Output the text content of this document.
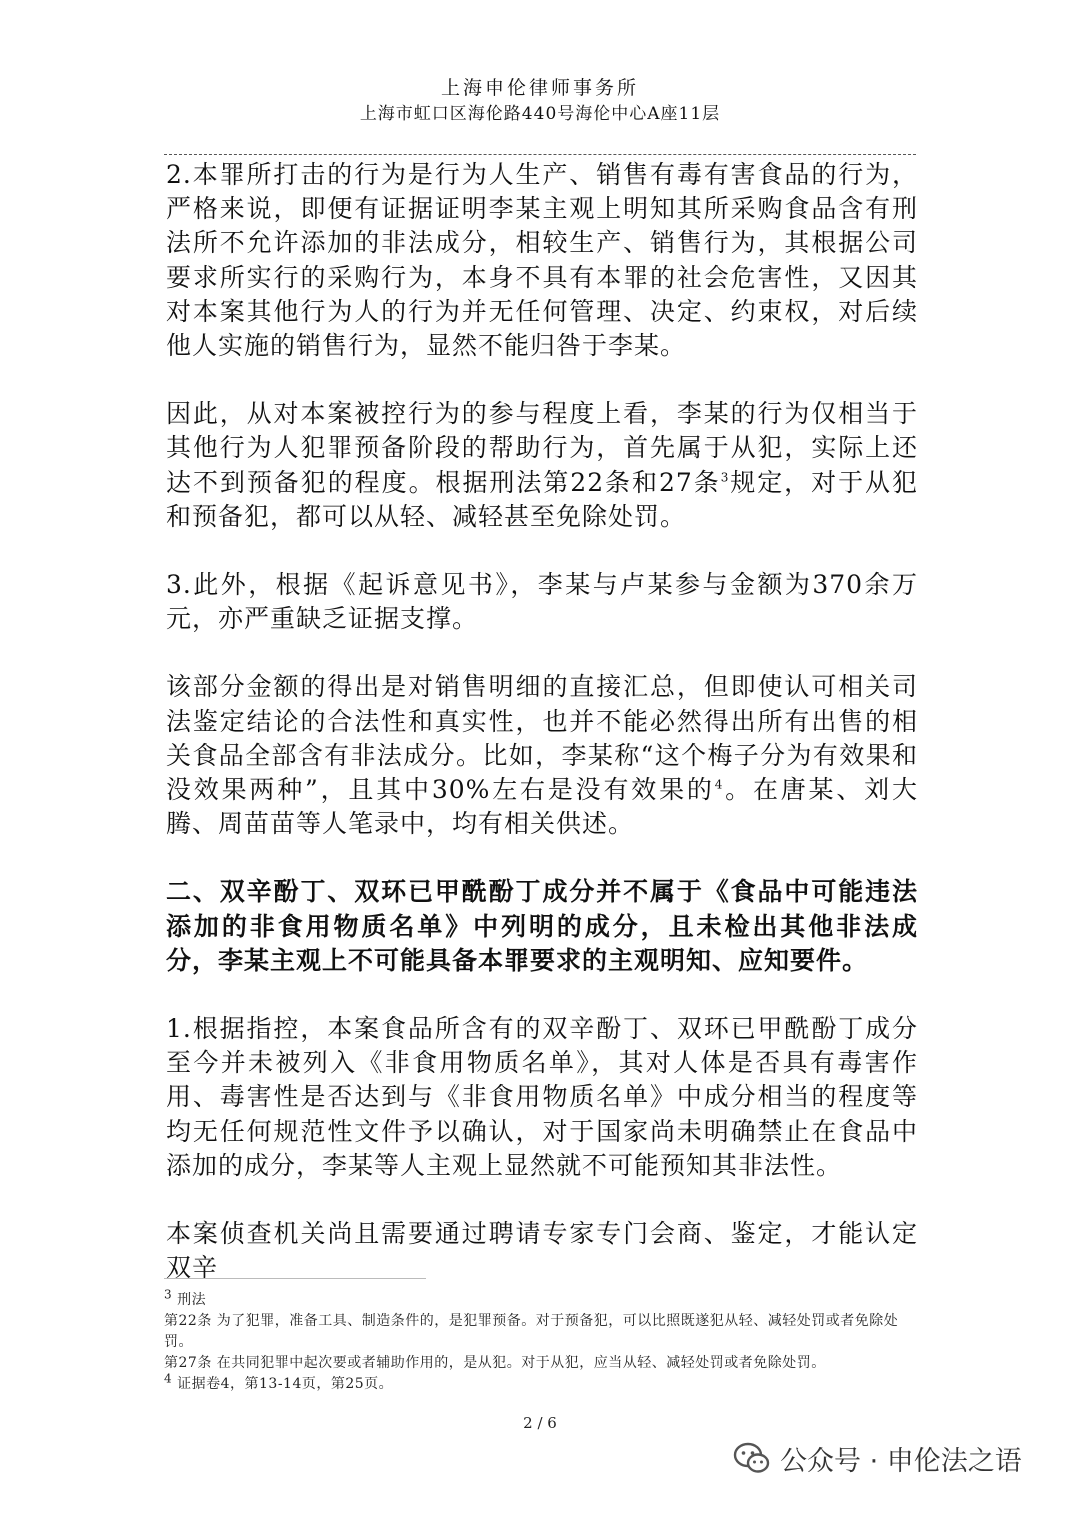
上海申伦律师事务所
上海市虹口区海伦路440号海伦中心A座11层

2.本罪所打击的行为是行为人生产、销售有毒有害食品的行为，严格来说，即便有证据证明李某主观上明知其所采购食品含有刑法所不允许添加的非法成分，相较生产、销售行为，其根据公司要求所实行的采购行为，本身不具有本罪的社会危害性，又因其对本案其他行为人的行为并无任何管理、决定、约束权，对后续他人实施的销售行为，显然不能归咎于李某。

因此，从对本案被控行为的参与程度上看，李某的行为仅相当于其他行为人犯罪预备阶段的帮助行为，首先属于从犯，实际上还达不到预备犯的程度。根据刑法第22条和27条$^3$规定，对于从犯和预备犯，都可以从轻、减轻甚至免除处罚。

3.此外，根据《起诉意见书》，李某与卢某参与金额为370余万元，亦严重缺乏证据支撑。

该部分金额的得出是对销售明细的直接汇总，但即使认可相关司法鉴定结论的合法性和真实性，也并不能必然得出所有出售的相关食品全部含有非法成分。比如，李某称“这个梅子分为有效果和没效果两种”，且其中30%左右是没有效果的$^4$。在唐某、刘大腾、周苗苗等人笔录中，均有相关供述。

二、双辛酚丁、双环已甲酰酚丁成分并不属于《食品中可能违法添加的非食用物质名单》中列明的成分，且未检出其他非法成分，李某主观上不可能具备本罪要求的主观明知、应知要件。

1.根据指控，本案食品所含有的双辛酚丁、双环已甲酰酚丁成分至今并未被列入《非食用物质名单》，其对人体是否具有毒害作用、毒害性是否达到与《非食用物质名单》中成分相当的程度等均无任何规范性文件予以确认，对于国家尚未明确禁止在食品中添加的成分，李某等人主观上显然就不可能预知其非法性。

本案侦查机关尚且需要通过聘请专家专门会商、鉴定，才能认定双辛

$^3$ 刑法

第22条 为了犯罪，准备工具、制造条件的，是犯罪预备。对于预备犯，可以比照既遂犯从轻、减轻处罚或者免除处罚。

第27条 在共同犯罪中起次要或者辅助作用的，是从犯。对于从犯，应当从轻、减轻处罚或者免除处罚。

$^4$ 证据卷4，第13-14页，第25页。

2 / 6
公众号 · 申伦法之语
